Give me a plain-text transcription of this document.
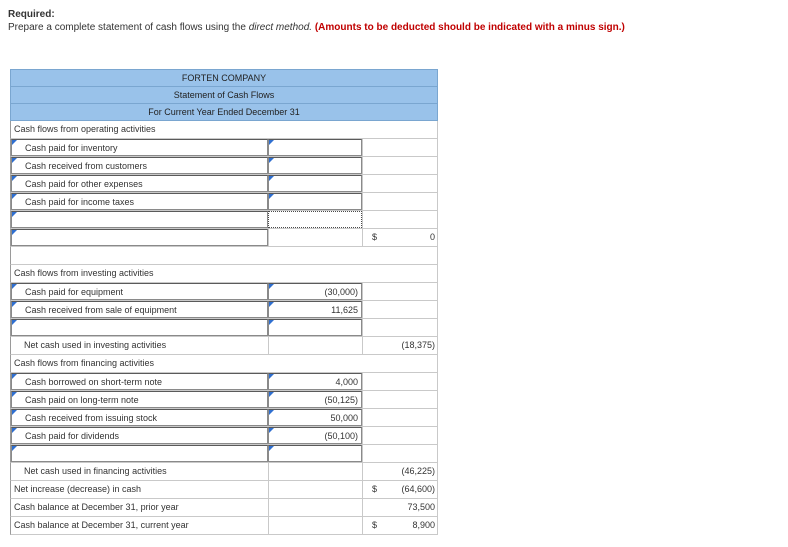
Required:
Prepare a complete statement of cash flows using the direct method. (Amounts to be deducted should be indicated with a minus sign.)
FORTEN COMPANY
Statement of Cash Flows
For Current Year Ended December 31
Cash flows from operating activities
Cash paid for inventory
Cash received from customers
Cash paid for other expenses
Cash paid for income taxes
$	0
Cash flows from investing activities
Cash paid for equipment	(30,000)
Cash received from sale of equipment	11,625
Net cash used in investing activities	(18,375)
Cash flows from financing activities
Cash borrowed on short-term note	4,000
Cash paid on long-term note	(50,125)
Cash received from issuing stock	50,000
Cash paid for dividends	(50,100)
Net cash used in financing activities	(46,225)
Net increase (decrease) in cash	$	(64,600)
Cash balance at December 31, prior year	73,500
Cash balance at December 31, current year	$	8,900
